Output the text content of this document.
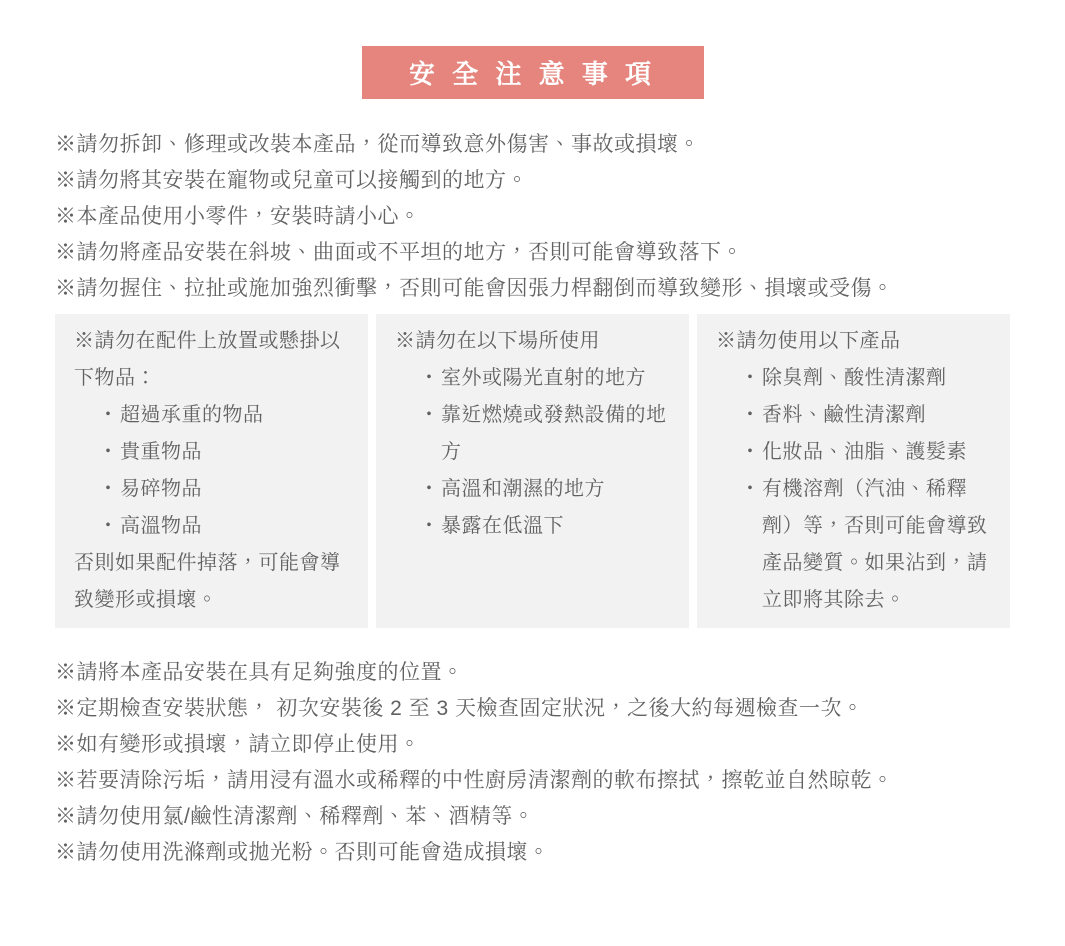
安 全 注 意 事 項
※請勿拆卸、修理或改裝本產品，從而導致意外傷害、事故或損壞。
※請勿將其安裝在寵物或兒童可以接觸到的地方。
※本產品使用小零件，安裝時請小心。
※請勿將產品安裝在斜坡、曲面或不平坦的地方，否則可能會導致落下。
※請勿握住、拉扯或施加強烈衝擊，否則可能會因張力桿翻倒而導致變形、損壞或受傷。
※請勿在配件上放置或懸掛以下物品：
・ 超過承重的物品
・ 貴重物品
・ 易碎物品
・ 高溫物品
否則如果配件掉落，可能會導致變形或損壞。
※請勿在以下場所使用
・ 室外或陽光直射的地方
・ 靠近燃燒或發熱設備的地方
・ 高溫和潮濕的地方
・ 暴露在低溫下
※請勿使用以下產品
・ 除臭劑、酸性清潔劑
・ 香料、鹼性清潔劑
・ 化妝品、油脂、護髮素
・ 有機溶劑（汽油、稀釋劑）等，否則可能會導致產品變質。如果沾到，請立即將其除去。
※請將本產品安裝在具有足夠強度的位置。
※定期檢查安裝狀態， 初次安裝後 2 至 3 天檢查固定狀況，之後大約每週檢查一次。
※如有變形或損壞，請立即停止使用。
※若要清除污垢，請用浸有溫水或稀釋的中性廚房清潔劑的軟布擦拭，擦乾並自然晾乾。
※請勿使用氯/鹼性清潔劑、稀釋劑、苯、酒精等。
※請勿使用洗滌劑或拋光粉。否則可能會造成損壞。
